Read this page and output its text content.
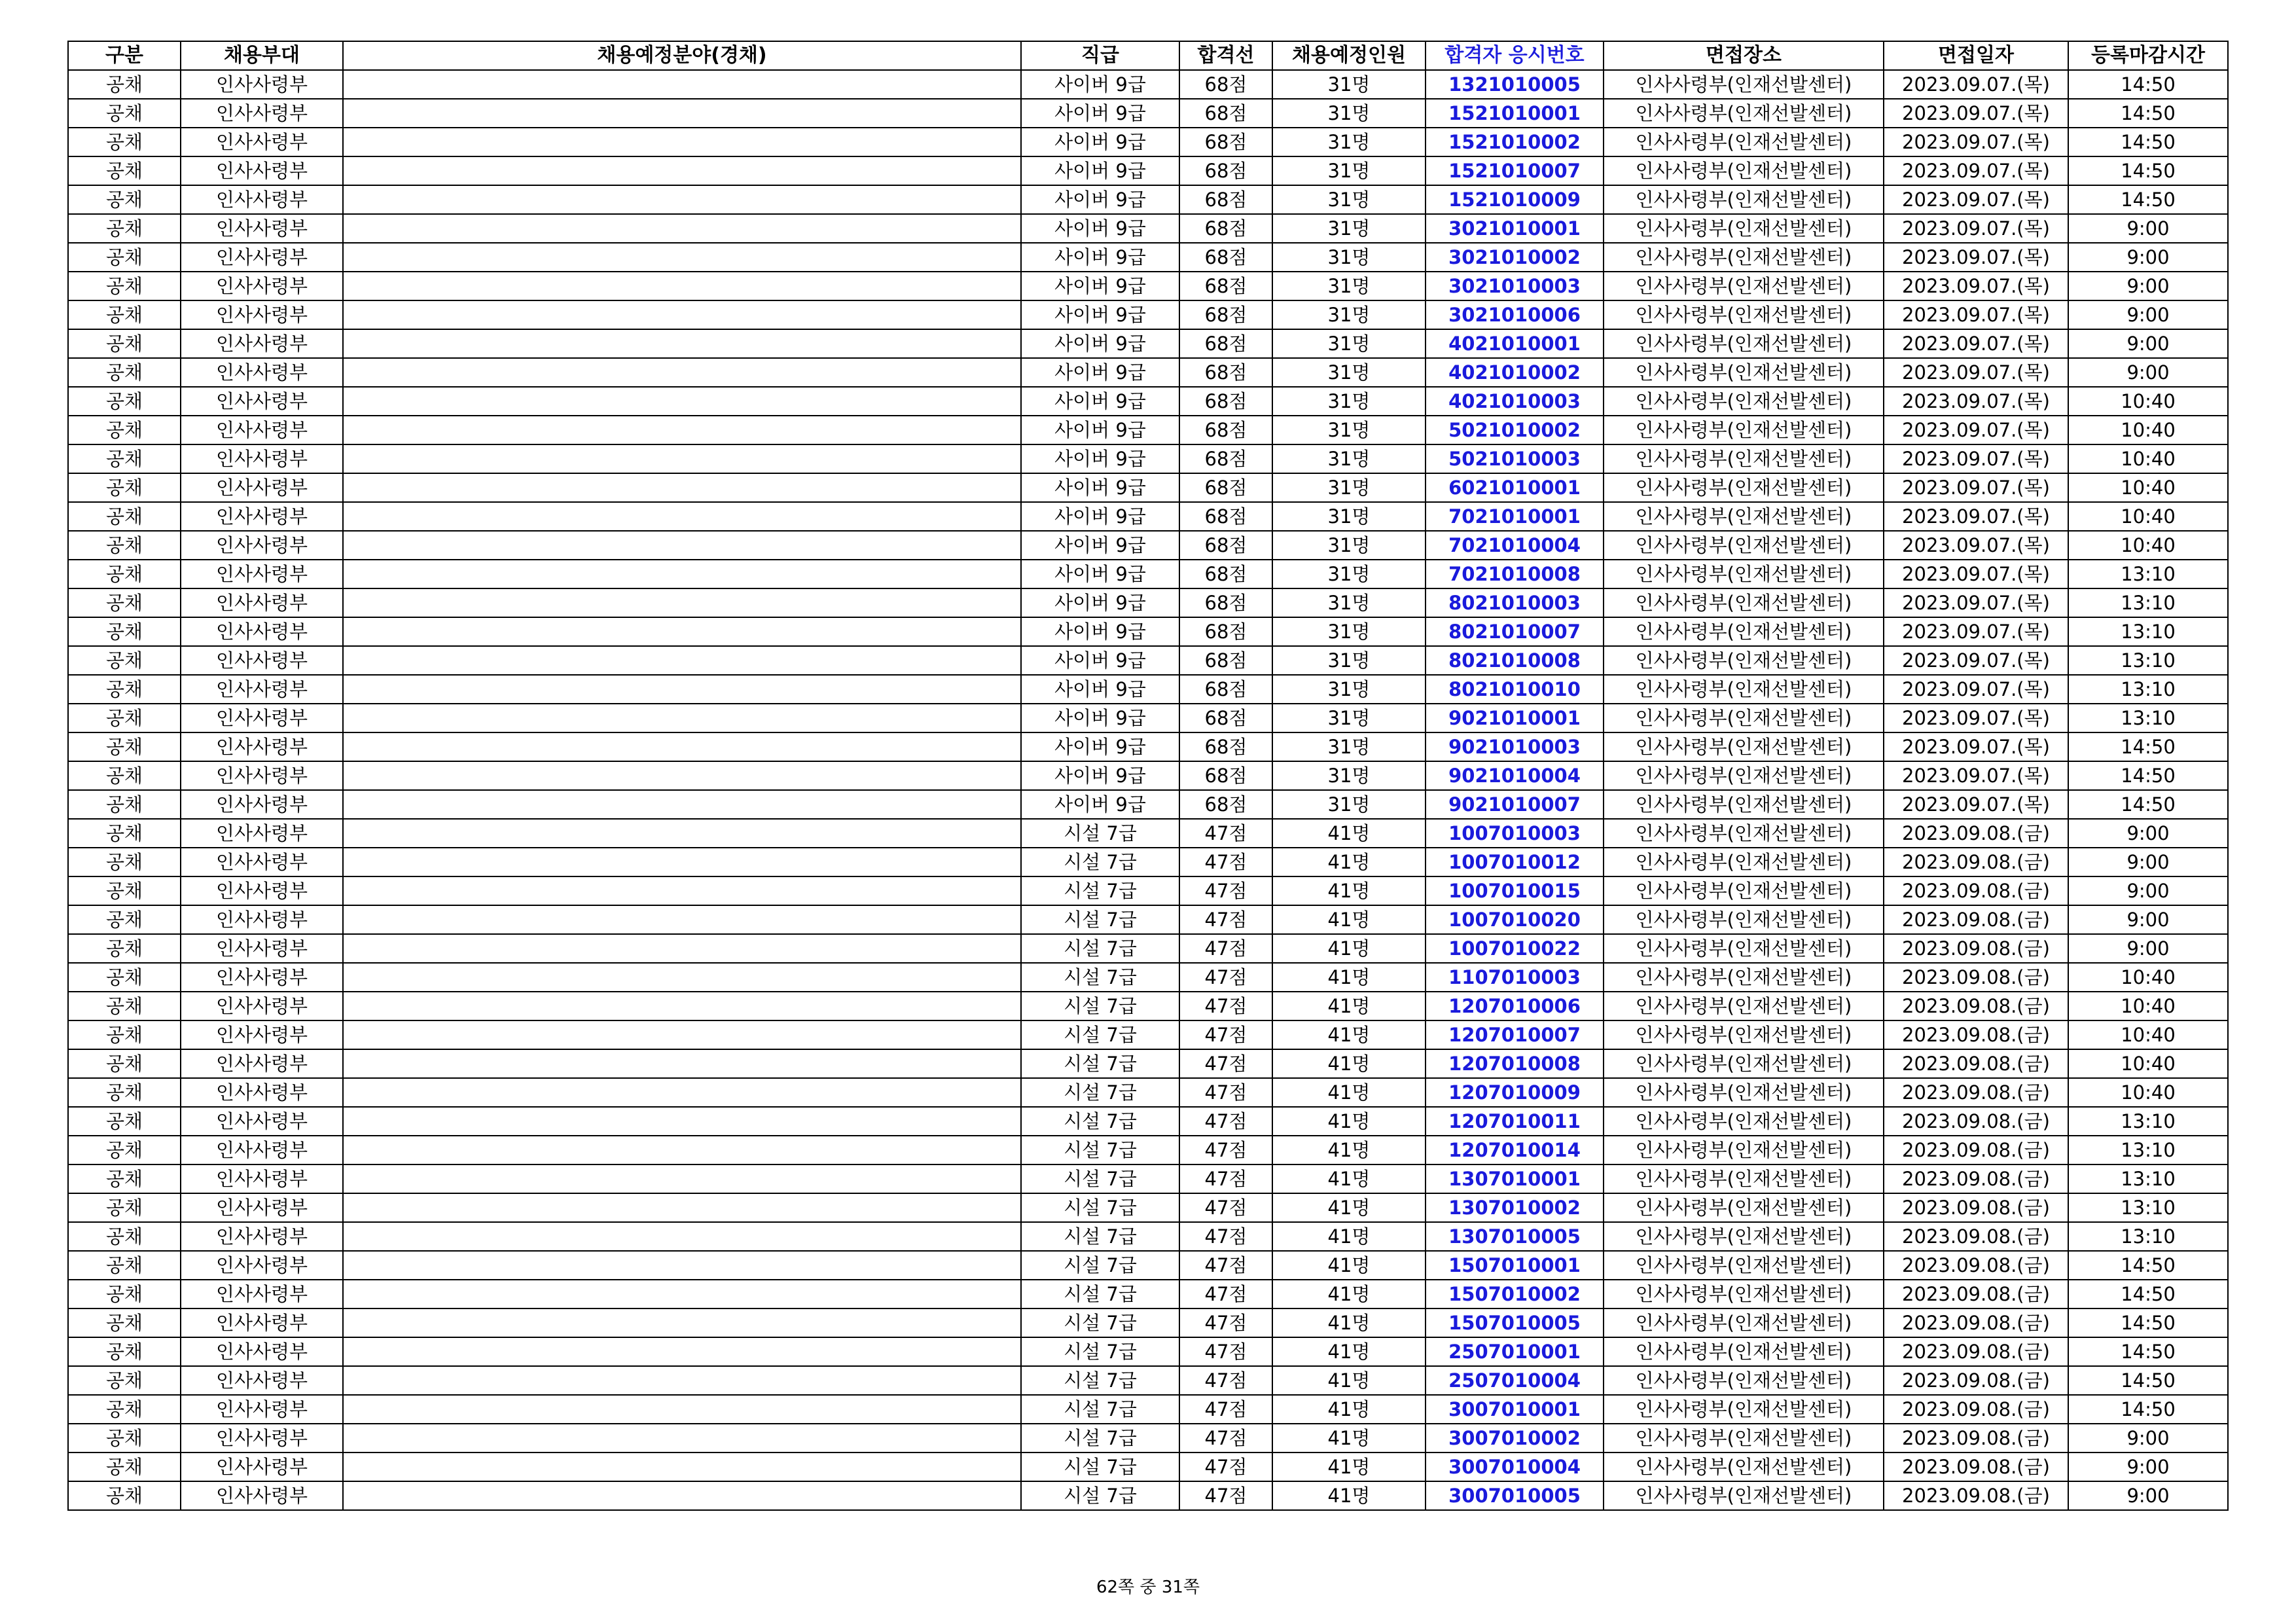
구분	채용부대	채용예정분야(경채)	직급	합격선	채용예정인원	합격자 응시번호	면접장소	면접일자	등록마감시간
공채	인사사령부		사이버 9급	68점	31명	1321010005	인사사령부(인재선발센터)	2023.09.07.(목)	14:50
공채	인사사령부		사이버 9급	68점	31명	1521010001	인사사령부(인재선발센터)	2023.09.07.(목)	14:50
공채	인사사령부		사이버 9급	68점	31명	1521010002	인사사령부(인재선발센터)	2023.09.07.(목)	14:50
공채	인사사령부		사이버 9급	68점	31명	1521010007	인사사령부(인재선발센터)	2023.09.07.(목)	14:50
공채	인사사령부		사이버 9급	68점	31명	1521010009	인사사령부(인재선발센터)	2023.09.07.(목)	14:50
공채	인사사령부		사이버 9급	68점	31명	3021010001	인사사령부(인재선발센터)	2023.09.07.(목)	9:00
공채	인사사령부		사이버 9급	68점	31명	3021010002	인사사령부(인재선발센터)	2023.09.07.(목)	9:00
공채	인사사령부		사이버 9급	68점	31명	3021010003	인사사령부(인재선발센터)	2023.09.07.(목)	9:00
공채	인사사령부		사이버 9급	68점	31명	3021010006	인사사령부(인재선발센터)	2023.09.07.(목)	9:00
공채	인사사령부		사이버 9급	68점	31명	4021010001	인사사령부(인재선발센터)	2023.09.07.(목)	9:00
공채	인사사령부		사이버 9급	68점	31명	4021010002	인사사령부(인재선발센터)	2023.09.07.(목)	9:00
공채	인사사령부		사이버 9급	68점	31명	4021010003	인사사령부(인재선발센터)	2023.09.07.(목)	10:40
공채	인사사령부		사이버 9급	68점	31명	5021010002	인사사령부(인재선발센터)	2023.09.07.(목)	10:40
공채	인사사령부		사이버 9급	68점	31명	5021010003	인사사령부(인재선발센터)	2023.09.07.(목)	10:40
공채	인사사령부		사이버 9급	68점	31명	6021010001	인사사령부(인재선발센터)	2023.09.07.(목)	10:40
공채	인사사령부		사이버 9급	68점	31명	7021010001	인사사령부(인재선발센터)	2023.09.07.(목)	10:40
공채	인사사령부		사이버 9급	68점	31명	7021010004	인사사령부(인재선발센터)	2023.09.07.(목)	10:40
공채	인사사령부		사이버 9급	68점	31명	7021010008	인사사령부(인재선발센터)	2023.09.07.(목)	13:10
공채	인사사령부		사이버 9급	68점	31명	8021010003	인사사령부(인재선발센터)	2023.09.07.(목)	13:10
공채	인사사령부		사이버 9급	68점	31명	8021010007	인사사령부(인재선발센터)	2023.09.07.(목)	13:10
공채	인사사령부		사이버 9급	68점	31명	8021010008	인사사령부(인재선발센터)	2023.09.07.(목)	13:10
공채	인사사령부		사이버 9급	68점	31명	8021010010	인사사령부(인재선발센터)	2023.09.07.(목)	13:10
공채	인사사령부		사이버 9급	68점	31명	9021010001	인사사령부(인재선발센터)	2023.09.07.(목)	13:10
공채	인사사령부		사이버 9급	68점	31명	9021010003	인사사령부(인재선발센터)	2023.09.07.(목)	14:50
공채	인사사령부		사이버 9급	68점	31명	9021010004	인사사령부(인재선발센터)	2023.09.07.(목)	14:50
공채	인사사령부		사이버 9급	68점	31명	9021010007	인사사령부(인재선발센터)	2023.09.07.(목)	14:50
공채	인사사령부		시설 7급	47점	41명	1007010003	인사사령부(인재선발센터)	2023.09.08.(금)	9:00
공채	인사사령부		시설 7급	47점	41명	1007010012	인사사령부(인재선발센터)	2023.09.08.(금)	9:00
공채	인사사령부		시설 7급	47점	41명	1007010015	인사사령부(인재선발센터)	2023.09.08.(금)	9:00
공채	인사사령부		시설 7급	47점	41명	1007010020	인사사령부(인재선발센터)	2023.09.08.(금)	9:00
공채	인사사령부		시설 7급	47점	41명	1007010022	인사사령부(인재선발센터)	2023.09.08.(금)	9:00
공채	인사사령부		시설 7급	47점	41명	1107010003	인사사령부(인재선발센터)	2023.09.08.(금)	10:40
공채	인사사령부		시설 7급	47점	41명	1207010006	인사사령부(인재선발센터)	2023.09.08.(금)	10:40
공채	인사사령부		시설 7급	47점	41명	1207010007	인사사령부(인재선발센터)	2023.09.08.(금)	10:40
공채	인사사령부		시설 7급	47점	41명	1207010008	인사사령부(인재선발센터)	2023.09.08.(금)	10:40
공채	인사사령부		시설 7급	47점	41명	1207010009	인사사령부(인재선발센터)	2023.09.08.(금)	10:40
공채	인사사령부		시설 7급	47점	41명	1207010011	인사사령부(인재선발센터)	2023.09.08.(금)	13:10
공채	인사사령부		시설 7급	47점	41명	1207010014	인사사령부(인재선발센터)	2023.09.08.(금)	13:10
공채	인사사령부		시설 7급	47점	41명	1307010001	인사사령부(인재선발센터)	2023.09.08.(금)	13:10
공채	인사사령부		시설 7급	47점	41명	1307010002	인사사령부(인재선발센터)	2023.09.08.(금)	13:10
공채	인사사령부		시설 7급	47점	41명	1307010005	인사사령부(인재선발센터)	2023.09.08.(금)	13:10
공채	인사사령부		시설 7급	47점	41명	1507010001	인사사령부(인재선발센터)	2023.09.08.(금)	14:50
공채	인사사령부		시설 7급	47점	41명	1507010002	인사사령부(인재선발센터)	2023.09.08.(금)	14:50
공채	인사사령부		시설 7급	47점	41명	1507010005	인사사령부(인재선발센터)	2023.09.08.(금)	14:50
공채	인사사령부		시설 7급	47점	41명	2507010001	인사사령부(인재선발센터)	2023.09.08.(금)	14:50
공채	인사사령부		시설 7급	47점	41명	2507010004	인사사령부(인재선발센터)	2023.09.08.(금)	14:50
공채	인사사령부		시설 7급	47점	41명	3007010001	인사사령부(인재선발센터)	2023.09.08.(금)	14:50
공채	인사사령부		시설 7급	47점	41명	3007010002	인사사령부(인재선발센터)	2023.09.08.(금)	9:00
공채	인사사령부		시설 7급	47점	41명	3007010004	인사사령부(인재선발센터)	2023.09.08.(금)	9:00
공채	인사사령부		시설 7급	47점	41명	3007010005	인사사령부(인재선발센터)	2023.09.08.(금)	9:00
62쪽 중 31쪽
